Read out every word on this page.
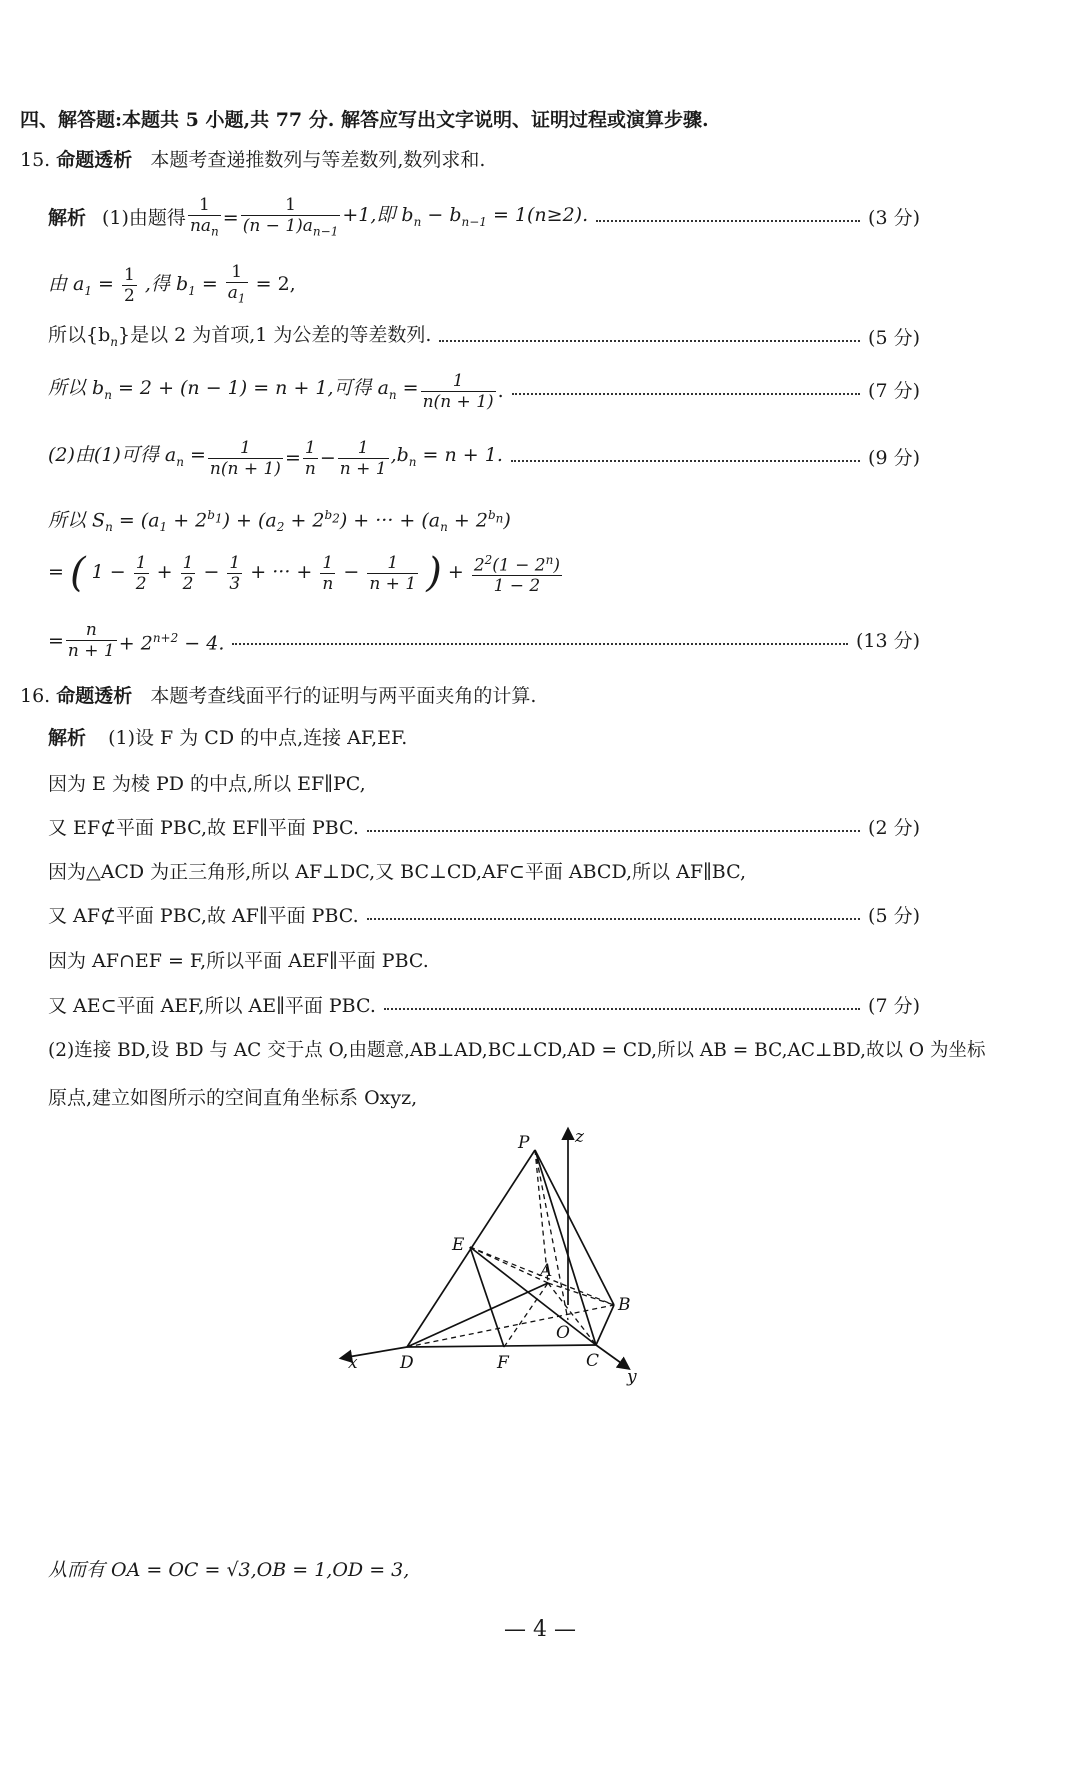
四、解答题:本题共 5 小题,共 77 分. 解答应写出文字说明、证明过程或演算步骤.
15. 命题透析 本题考查递推数列与等差数列,数列求和.
解析 (1)由题得 $\frac{1}{na_n} = \frac{1}{(n - 1)a_{n-1}} +1$,即 $b_n - b_{n-1} = 1(n\ge 2)$.	(3 分)
由 $a_1 = \frac{1}{2}$ ,得 $b_1 = \frac{1}{a_1} = 2$,
所以$\{b_n\}$是以 2 为首项,1 为公差的等差数列.	(5 分)
所以 $b_n = 2 + (n - 1) = n + 1$,可得 $a_n = \frac{1}{n(n + 1)}$ .	(7 分)
(2)由(1)可得 $a_n = \frac{1}{n(n + 1)} = \frac{1}{n} - \frac{1}{n + 1} ,b_n = n + 1$.	(9 分)
所以 $S_n = (a_1 + 2^{b_1}) + (a_2 + 2^{b_2})$ + ··· + $(a_n + 2^{b_n})$
= ( $1 - \frac{1}{2} + \frac{1}{2} - \frac{1}{3}$ + ··· + $\frac{1}{n} - \frac{1}{n + 1}$ ) + $\frac{2^2(1 - 2^n)}{1 - 2}$
= $\frac{n}{n + 1} + 2^{n+2} - 4$.	(13 分)
16. 命题透析 本题考查线面平行的证明与两平面夹角的计算.
解析 (1)设 F 为 CD 的中点,连接 AF,EF.
因为 E 为棱 PD 的中点,所以 EF∥PC,
又 EF⊄平面 PBC,故 EF∥平面 PBC.	(2 分)
因为△ACD 为正三角形,所以 AF⊥DC,又 BC⊥CD,AF⊂平面 ABCD,所以 AF∥BC,
又 AF⊄平面 PBC,故 AF∥平面 PBC.	(5 分)
因为 AF∩EF = F,所以平面 AEF∥平面 PBC.
又 AE⊂平面 AEF,所以 AE∥平面 PBC.	(7 分)
(2)连接 BD,设 BD 与 AC 交于点 O,由题意,AB⊥AD,BC⊥CD,AD = CD,所以 AB = BC,AC⊥BD,故以 O 为坐标
原点,建立如图所示的空间直角坐标系 Oxyz,
P	z
E
A
B
O
x D	F	C
y
从而有 OA = OC = √3,OB = 1,OD = 3,
— 4 —
